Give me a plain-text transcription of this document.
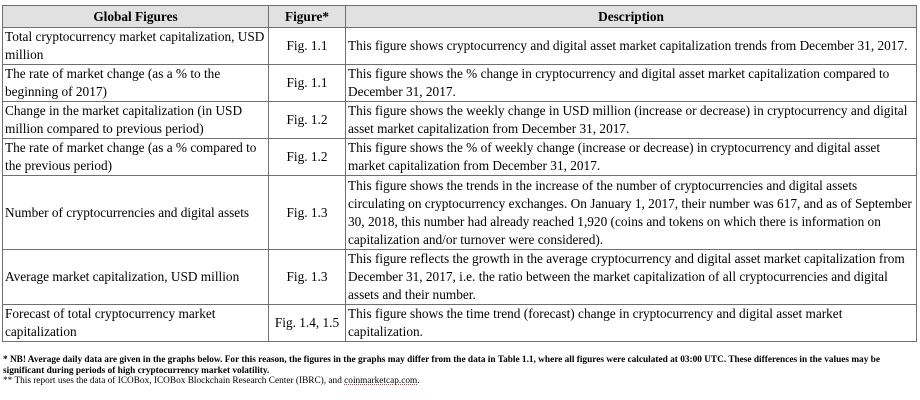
Global Figures	Figure*	Description
Total cryptocurrency market capitalization, USD million	Fig. 1.1	This figure shows cryptocurrency and digital asset market capitalization trends from December 31, 2017.
The rate of market change (as a % to the beginning of 2017)	Fig. 1.1	This figure shows the % change in cryptocurrency and digital asset market capitalization compared to December 31, 2017.
Change in the market capitalization (in USD million compared to previous period)	Fig. 1.2	This figure shows the weekly change in USD million (increase or decrease) in cryptocurrency and digital asset market capitalization from December 31, 2017.
The rate of market change (as a % compared to the previous period)	Fig. 1.2	This figure shows the % of weekly change (increase or decrease) in cryptocurrency and digital asset market capitalization from December 31, 2017.
Number of cryptocurrencies and digital assets	Fig. 1.3	This figure shows the trends in the increase of the number of cryptocurrencies and digital assets circulating on cryptocurrency exchanges. On January 1, 2017, their number was 617, and as of September 30, 2018, this number had already reached 1,920 (coins and tokens on which there is information on capitalization and/or turnover were considered).
Average market capitalization, USD million	Fig. 1.3	This figure reflects the growth in the average cryptocurrency and digital asset market capitalization from December 31, 2017, i.e. the ratio between the market capitalization of all cryptocurrencies and digital assets and their number.
Forecast of total cryptocurrency market capitalization	Fig. 1.4, 1.5	This figure shows the time trend (forecast) change in cryptocurrency and digital asset market capitalization.
* NB! Average daily data are given in the graphs below. For this reason, the figures in the graphs may differ from the data in Table 1.1, where all figures were calculated at 03:00 UTC. These differences in the values may be significant during periods of high cryptocurrency market volatility.
** This report uses the data of ICOBox, ICOBox Blockchain Research Center (IBRC), and coinmarketcap.com.
